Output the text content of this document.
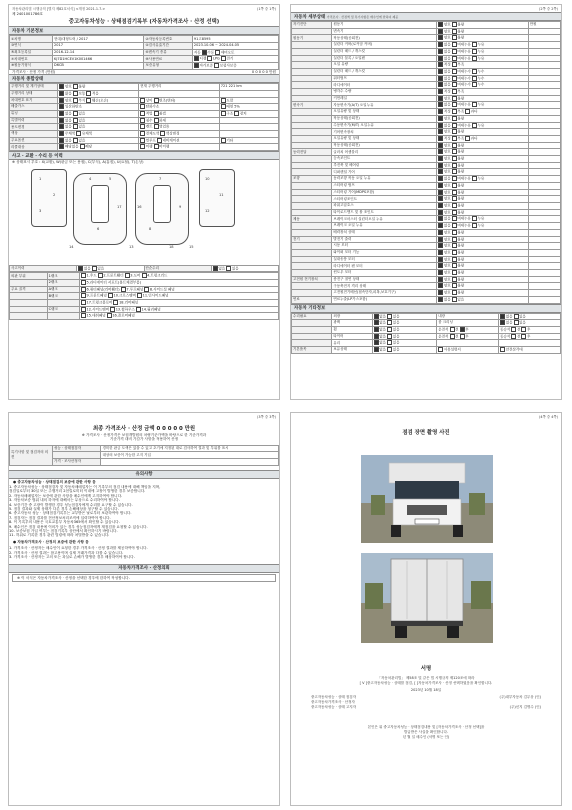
자동차관리법 시행규칙 [별지 제82호서식] <개정 2021.1.7.>	(1쪽 중 1쪽)
제 2401001786호
중고자동차성능 · 상태점검기록부 (자동차가격조사 · 산정 선택)
자동차 기본정보
①차명	현대/대형트럭 / 2017	②자동차등록번호	91고8595
③연식	2017	④검사유효기간	2023.10.06 ~ 2024.04.05
⑤최초등록일	2016-12-14	⑥변속기 종류	자동 수동 세미오토
⑦차대번호	KJ7D1HCEV1K001466	⑧사용연료	디젤 LPG 전기
⑨원동기형식	D6CB	보증유형	자가보증 보험사보증
가격조사 · 산정 가격 (만원)	0 0 0 0 0 만원
자동차 종합상태
주행거리 및 계기상태	양호 불량	현재 주행거리	721 221 km
주행거리 상태	많음 보통 적음		
차대번호 표기	양호 부식 훼손(오손)	상이 변조(변타)	도말
배출가스	일산화탄소	탄화수소	매연 5%
튜닝	없음 있음	적법 불법	구조 장치
특별이력	없음 있음	침수 화재	
용도변경	없음 있음	렌트 영업용	
색상	무채색 유채색	전체도색 색상변경	
주요옵션	없음 있음	썬루프 네비게이션	기타
리콜대상	해당없음 해당	이행 미이행	
사고 · 교환 · 수리 등 이력
※ 상태표시 부호 : X(교환), W(판금 또는 용접), C(부식), A(흠집), U(요철), T(손상)
1
2
3
4	5
6
7
8
9
10
11
12
13
14	15
16
17
18
사고이력	없음 있음	단순수리	없음 있음
외판 부위	1랭크	1.후드 2.프론트휀더 3.도어 4.트렁크리드
	2랭크	5.라디에이터 서포트(볼트체결부품)
주요 골격	A랭크	6.쿼터패널(리어휀더) 7.루프패널 8.사이드실 패널
	B랭크	9.프론트패널 10.크로스멤버 11.인사이드패널
		17.트렁크플로어 18.리어패널
	C랭크	12.사이드멤버 13.휠하우스 14.필러패널
		15.대쉬패널 16.플로어패널
(2쪽 중 2쪽)
자동차 세부상태 가격조사 · 산정액 및 특기사항은 매수인에 한하여 제공
자기진단	원동기	양호 불량	만원
	변속기	양호 불량	
원동기	작동상태(공회전)	양호 불량	
	실린더 커버(로커암 커버)	없음 미세누유 누유	
	실린더 헤드 / 개스킷	없음 미세누유 누유	
	실린더 블록 / 오일팬	없음 미세누유 누유	
	오일 유량	적정 부족	
	실린더 헤드 / 개스킷	없음 미세누수 누수	
	워터펌프	없음 미세누수 누수	
	라디에이터	없음 미세누수 누수	
	냉각수 수량	적정 부족	
	커먼레일	양호 불량	
변속기	자동변속기(A/T) 오일누유	없음 미세누유 누유	
	오일유량 및 상태	적정 부족 과다	
	작동상태(공회전)	양호 불량	
	수동변속기(M/T) 오일누유	없음 미세누유 누유	
	기어변속장치	양호 불량	
	오일유량 및 상태	적정 부족 과다	
	작동상태(공회전)	양호 불량	
동력전달	클러치 어셈블리	양호 불량	
	등속조인트	양호 불량	
	추진축 및 베어링	양호 불량	
	디퍼렌셜 기어	양호 불량	
조향	동력조향 작동 오일 누유	없음 미세누유 누유	
	스티어링 펌프	양호 불량	
	스티어링 기어(MDPS포함)	양호 불량	
	스티어링조인트	양호 불량	
	파워고압호스	양호 불량	
	타이로드엔드 및 볼 조인트	양호 불량	
제동	브레이크마스터 실린더오일 누유	없음 미세누유 누유	
	브레이크 오일 누유	없음 미세누유 누유	
	배력장치 상태	양호 불량	
전기	발전기 출력	양호 불량	
	시동 모터	양호 불량	
	와이퍼 모터 기능	양호 불량	
	실내송풍 모터	양호 불량	
	라디에이터 팬 모터	양호 불량	
	윈도우 모터	양호 불량	
고전원 전기장치	충전구 절연 상태	양호 불량	
	구동축전지 격리 상태	양호 불량	
	고전원전기배선(접속단자,피복,보호기구)	양호 불량	
연료	연료누출(LP가스포함)	없음 있음	
자동차 기타정보
수리필요	외장	없음 있음	내장	없음 있음
	광택	없음 있음	룸 크리닝	없음 있음
	휠	없음 있음	운전석 전 후	동승석 전 후
	타이어	없음 있음	운전석 전 후	동승석 전 후
	유리	없음 있음		
기본품목	보유상태	없음 있음	사용설명서	안전삼각대
(3쪽 중 3쪽)
최종 가격조사 · 산정 금액 0 0 0 0 0 만원
※ 가격조사 · 산정가격은 보험개발원의 차량기준가액을 바탕으로 한 기준가격과
기준가격 대비 가감가 사항을 적용하여 산정
특기사항 및 점검자의 의견	성능 · 상태점검자	경미한 판금 도색은 있을 수 있고 초기에 지정된 대로 검사하여 결과 및 부위를 표시
		대상의 보증이 가능한 고지 기입
	가격 · 조사산정자	
유의사항
● 중고자동차성능 · 상태점검의 보증에 관한 사항 등
1. 중고자동차성능 · 상태점검자 및 자동차매매업자는 이 기록부의 점검 내용에 대해 책임을 지며,
점검일로부터 30일 또는 주행거리 2천킬로미터 이내에 고장이 발생한 경우 보증합니다.
2. 자동차매매업자는 보증에 관한 사항을 매수인에게 고지하여야 합니다.
3. 자동차보증 범위 내의 하자에 대해서는 무상으로 수리하여야 합니다.
4. 보증기간 중 고장이 발생한 경우 성능점검자에게 수리를 요구할 수 있습니다.
5. 점검 결과와 실제 상태가 다른 경우 손해배상을 청구할 수 있습니다.
6. 중고자동차 성능 · 상태점검기록부는 교부받은 날로부터 보관하여야 합니다.
7. 점검자는 점검 결과를 전산정보처리조직에 입력하여야 합니다.
8. 이 기록부의 내용은 국토교통부 자동차365에서 확인할 수 있습니다.
9. 매수인은 점검 내용에 이의가 있는 경우 성능점검자에게 재점검을 요청할 수 있습니다.
10. 보증보험 가입 여부는 점검기록부 상단에서 확인하시기 바랍니다.
11. 허위로 기록한 경우 관련 법령에 따라 처벌받을 수 있습니다.
● 자동차가격조사 · 산정의 보증에 관한 사항 등
1. 가격조사 · 산정자는 매수인이 요청한 경우 가격조사 · 산정 결과를 제공하여야 합니다.
2. 가격조사 · 산정 결과는 참고용이며 실제 거래가격과 다를 수 있습니다.
3. 가격조사 · 산정자는 고의 또는 과실로 손해가 발생한 경우 배상하여야 합니다.
자동차가격조사 · 산정의뢰
※ 이 서식은 자동차가격조사 · 산정을 선택한 경우에 한하여 작성합니다.
(4쪽 중 4쪽)
점검 장면 촬영 사진
서명
「자동차관리법」 제58조 및 같은 법 시행규칙 제120조에 따라
[ V ]중고자동차성능 · 상태를 점검, [ ]자동차가격조사 · 산정 선택하였음을 확인합니다.
2023년 10월 18일
중고자동차성능 · 상태 점검자	(주)대부자동차 김무웅 (인)
중고자동차가격조사 · 산정자
중고자동차성능 · 상태 고지자	(주)신지 김명수 (인)
본인은 위 중고자동차성능 · 상태점검내용 및 [자동차가격조사 · 산정 선택]을
발급받은 사실을 확인합니다.
년 월 일 매수인 (서명 또는 인)
